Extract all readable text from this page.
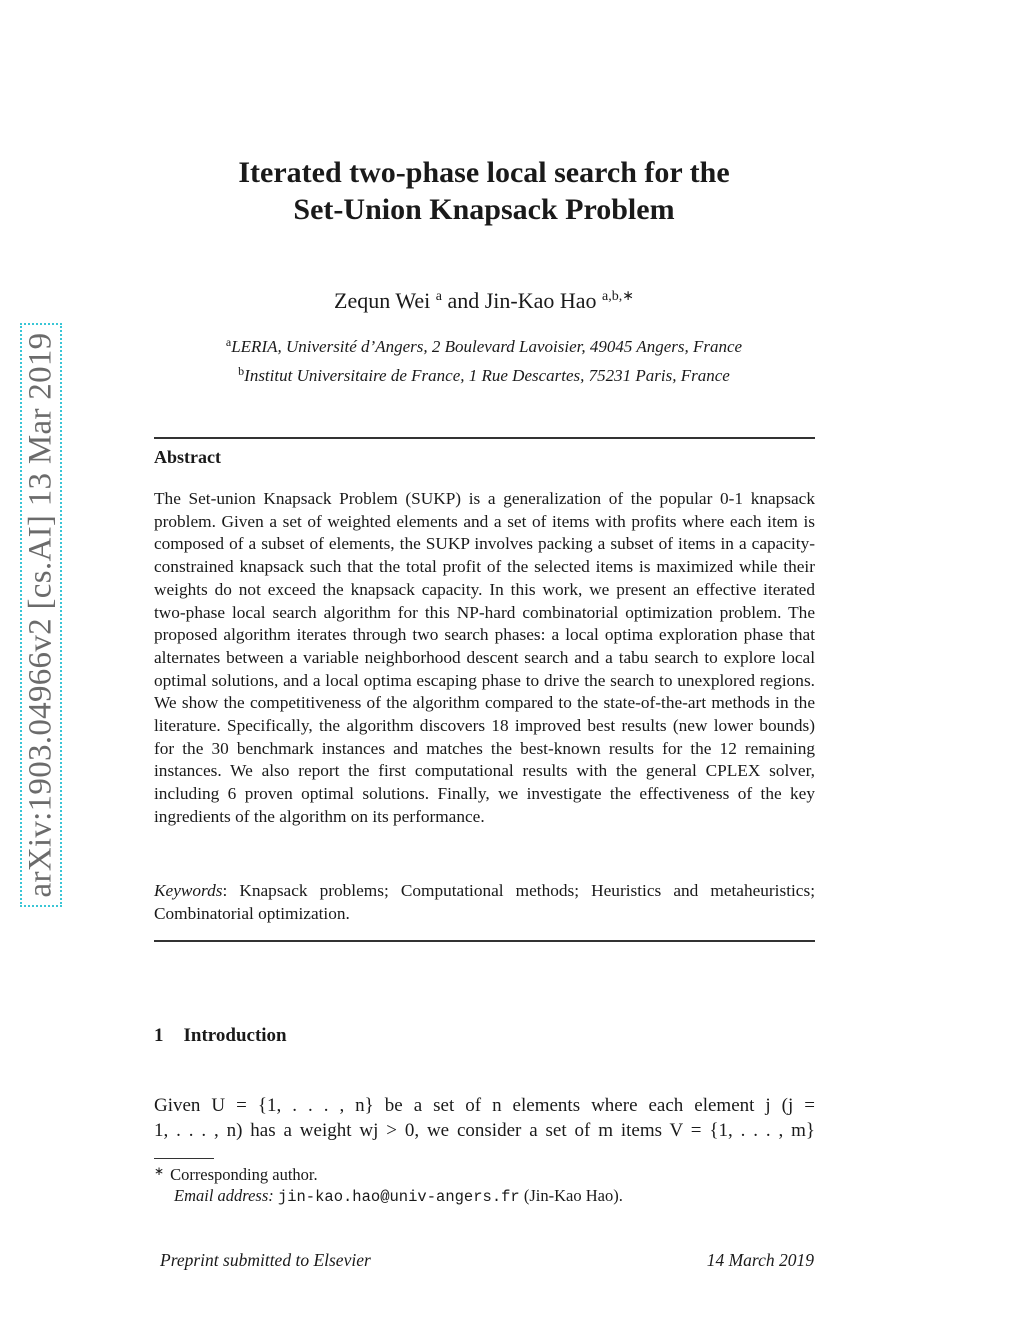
arXiv:1903.04966v2 [cs.AI] 13 Mar 2019
Iterated two-phase local search for the
Set-Union Knapsack Problem
Zequn Wei $^a$ and Jin-Kao Hao $^{a,b,∗}$
$^a$LERIA, Université d’Angers, 2 Boulevard Lavoisier, 49045 Angers, France
$^b$Institut Universitaire de France, 1 Rue Descartes, 75231 Paris, France
Abstract

The Set-union Knapsack Problem (SUKP) is a generalization of the popular 0-1 knapsack problem. Given a set of weighted elements and a set of items with profits where each item is composed of a subset of elements, the SUKP involves packing a subset of items in a capacity-constrained knapsack such that the total profit of the selected items is maximized while their weights do not exceed the knapsack capacity. In this work, we present an effective iterated two-phase local search algorithm for this NP-hard combinatorial optimization problem. The proposed algorithm iterates through two search phases: a local optima exploration phase that alternates between a variable neighborhood descent search and a tabu search to explore local optimal solutions, and a local optima escaping phase to drive the search to unexplored regions. We show the competitiveness of the algorithm compared to the state-of-the-art methods in the literature. Specifically, the algorithm discovers 18 improved best results (new lower bounds) for the 30 benchmark instances and matches the best-known results for the 12 remaining instances. We also report the first computational results with the general CPLEX solver, including 6 proven optimal solutions. Finally, we investigate the effectiveness of the key ingredients of the algorithm on its performance.

Keywords: Knapsack problems; Computational methods; Heuristics and metaheuristics; Combinatorial optimization.

1 Introduction

Given U = {1, . . . , n} be a set of n elements where each element j (j =
1, . . . , n) has a weight wj > 0, we consider a set of m items V = {1, . . . , m}

∗ Corresponding author.
Email address: jin-kao.hao@univ-angers.fr (Jin-Kao Hao).
Preprint submitted to Elsevier	14 March 2019
